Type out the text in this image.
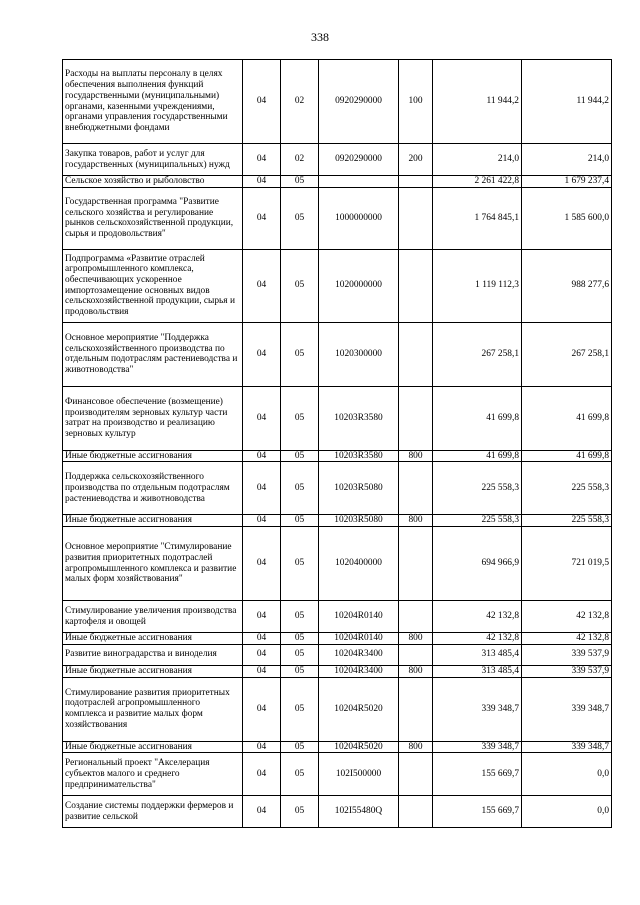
338
Расходы на выплаты персоналу в целях обеспечения выполнения функций государственными (муниципальными) органами, казенными учреждениями, органами управления государственными внебюджетными фондами	04	02	0920290000	100	11 944,2	11 944,2
Закупка товаров, работ и услуг для государственных (муниципальных) нужд	04	02	0920290000	200	214,0	214,0
Сельское хозяйство и рыболовство	04	05			2 261 422,8	1 679 237,4
Государственная программа "Развитие сельского хозяйства и регулирование рынков сельскохозяйственной продукции, сырья и продовольствия"	04	05	1000000000		1 764 845,1	1 585 600,0
Подпрограмма «Развитие отраслей агропромышленного комплекса, обеспечивающих ускоренное импортозамещение основных видов сельскохозяйственной продукции, сырья и продовольствия	04	05	1020000000		1 119 112,3	988 277,6
Основное мероприятие "Поддержка сельскохозяйственного производства по отдельным подотраслям растениеводства и животноводства"	04	05	1020300000		267 258,1	267 258,1
Финансовое обеспечение (возмещение) производителям зерновых культур части затрат на производство и реализацию зерновых культур	04	05	10203R3580		41 699,8	41 699,8
Иные бюджетные ассигнования	04	05	10203R3580	800	41 699,8	41 699,8
Поддержка сельскохозяйственного производства по отдельным подотраслям растениеводства и животноводства	04	05	10203R5080		225 558,3	225 558,3
Иные бюджетные ассигнования	04	05	10203R5080	800	225 558,3	225 558,3
Основное мероприятие "Стимулирование развития приоритетных подотраслей агропромышленного комплекса и развитие малых форм хозяйствования"	04	05	1020400000		694 966,9	721 019,5
Стимулирование увеличения производства картофеля и овощей	04	05	10204R0140		42 132,8	42 132,8
Иные бюджетные ассигнования	04	05	10204R0140	800	42 132,8	42 132,8
Развитие виноградарства и виноделия	04	05	10204R3400		313 485,4	339 537,9
Иные бюджетные ассигнования	04	05	10204R3400	800	313 485,4	339 537,9
Стимулирование развития приоритетных подотраслей агропромышленного комплекса и развитие малых форм хозяйствования	04	05	10204R5020		339 348,7	339 348,7
Иные бюджетные ассигнования	04	05	10204R5020	800	339 348,7	339 348,7
Региональный проект "Акселерация субъектов малого и среднего предпринимательства"	04	05	102I500000		155 669,7	0,0
Создание системы поддержки фермеров и развитие сельской	04	05	102I55480Q		155 669,7	0,0
